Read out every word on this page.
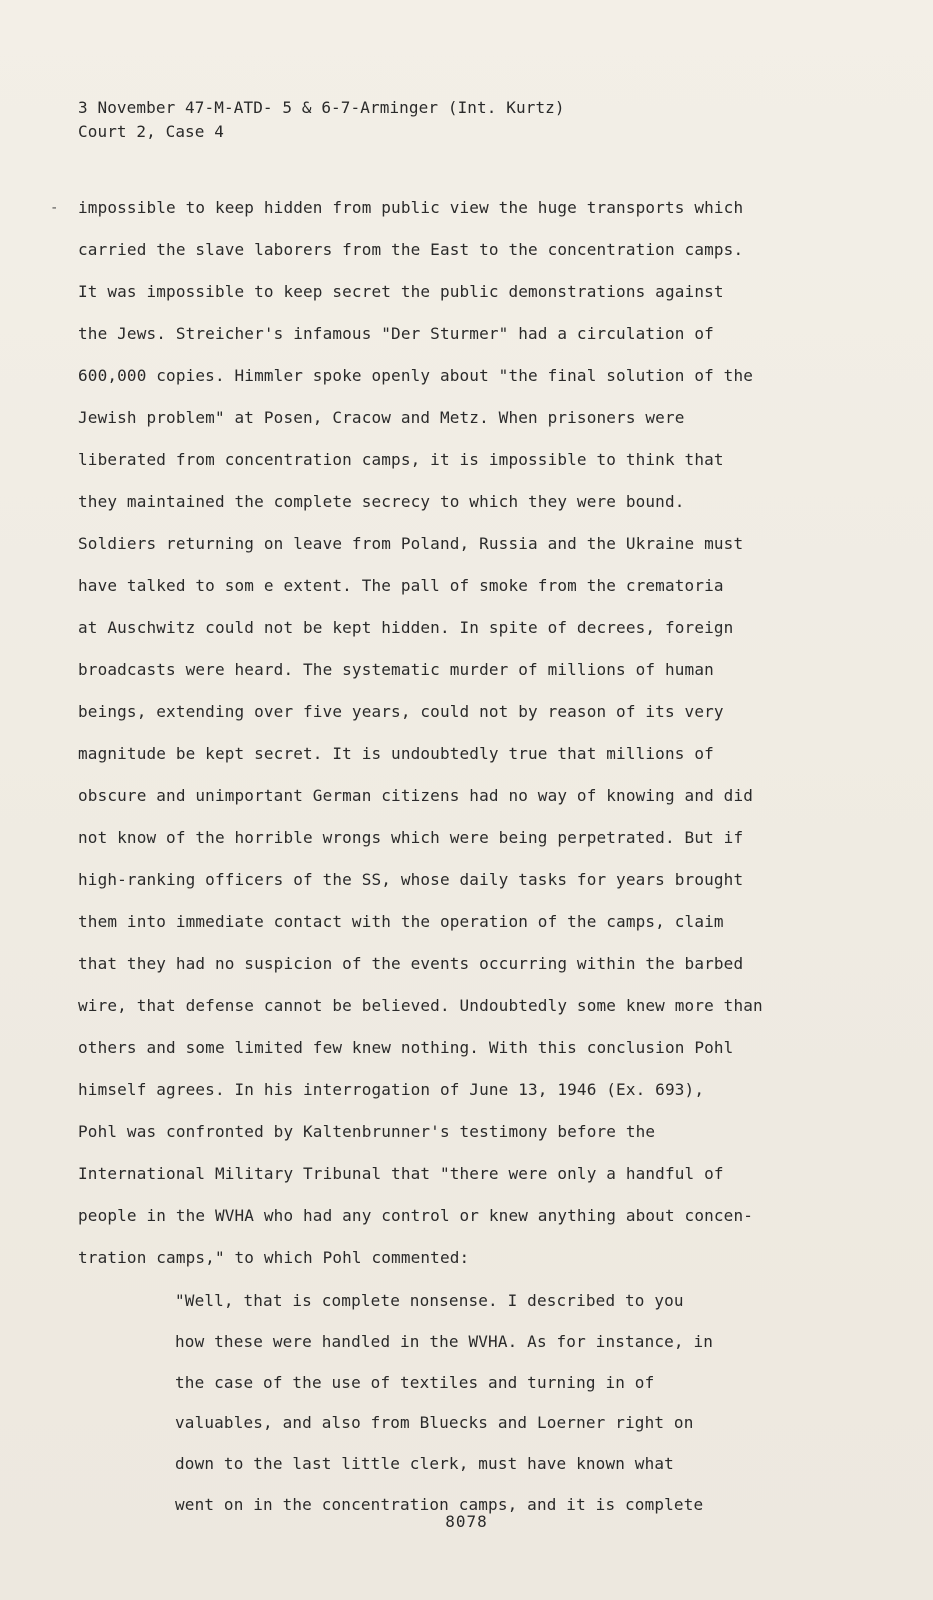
3 November 47-M-ATD- 5 & 6-7-Arminger (Int. Kurtz)
Court 2, Case 4
- impossible to keep hidden from public view the huge transports which
carried the slave laborers from the East to the concentration camps.
It was impossible to keep secret the public demonstrations against
the Jews. Streicher's infamous "Der Sturmer" had a circulation of
600,000 copies. Himmler spoke openly about "the final solution of the
Jewish problem" at Posen, Cracow and Metz. When prisoners were
liberated from concentration camps, it is impossible to think that
they maintained the complete secrecy to which they were bound.
Soldiers returning on leave from Poland, Russia and the Ukraine must
have talked to som e extent. The pall of smoke from the crematoria
at Auschwitz could not be kept hidden. In spite of decrees, foreign
broadcasts were heard. The systematic murder of millions of human
beings, extending over five years, could not by reason of its very
magnitude be kept secret. It is undoubtedly true that millions of
obscure and unimportant German citizens had no way of knowing and did
not know of the horrible wrongs which were being perpetrated. But if
high-ranking officers of the SS, whose daily tasks for years brought
them into immediate contact with the operation of the camps, claim
that they had no suspicion of the events occurring within the barbed
wire, that defense cannot be believed. Undoubtedly some knew more than
others and some limited few knew nothing. With this conclusion Pohl
himself agrees. In his interrogation of June 13, 1946 (Ex. 693),
Pohl was confronted by Kaltenbrunner's testimony before the
International Military Tribunal that "there were only a handful of
people in the WVHA who had any control or knew anything about concen-
tration camps," to which Pohl commented:
"Well, that is complete nonsense. I described to you
how these were handled in the WVHA. As for instance, in
the case of the use of textiles and turning in of
valuables, and also from Bluecks and Loerner right on
down to the last little clerk, must have known what
went on in the concentration camps, and it is complete
8078
